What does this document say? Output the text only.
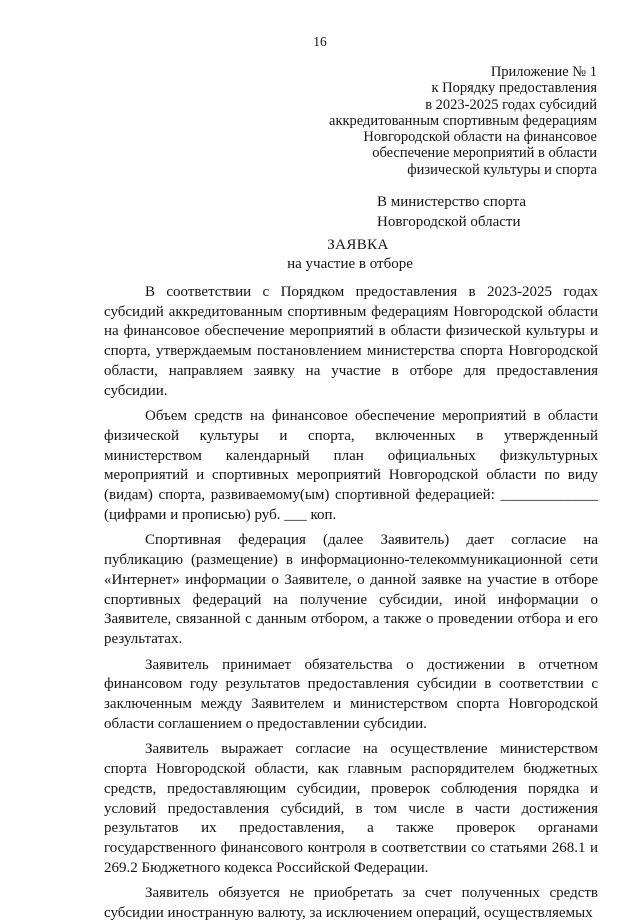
16
Приложение № 1
к Порядку предоставления
в 2023-2025 годах субсидий
аккредитованным спортивным федерациям
Новгородской области на финансовое
обеспечение мероприятий в области
физической культуры и спорта
В министерство спорта
Новгородской области
ЗАЯВКА
на участие в отборе

В соответствии с Порядком предоставления в 2023-2025 годах субсидий аккредитованным спортивным федерациям Новгородской области на финансовое обеспечение мероприятий в области физической культуры и спорта, утверждаемым постановлением министерства спорта Новгородской области, направляем заявку на участие в отборе для предоставления субсидии.

Объем средств на финансовое обеспечение мероприятий в области физической культуры и спорта, включенных в утвержденный министерством календарный план официальных физкультурных мероприятий и спортивных мероприятий Новгородской области по виду (видам) спорта, развиваемому(ым) спортивной федерацией: _____________ (цифрами и прописью) руб. ___ коп.

Спортивная федерация (далее Заявитель) дает согласие на публикацию (размещение) в информационно-телекоммуникационной сети «Интернет» информации о Заявителе, о данной заявке на участие в отборе спортивных федераций на получение субсидии, иной информации о Заявителе, связанной с данным отбором, а также о проведении отбора и его результатах.

Заявитель принимает обязательства о достижении в отчетном финансовом году результатов предоставления субсидии в соответствии с заключенным между Заявителем и министерством спорта Новгородской области соглашением о предоставлении субсидии.

Заявитель выражает согласие на осуществление министерством спорта Новгородской области, как главным распорядителем бюджетных средств, предоставляющим субсидии, проверок соблюдения порядка и условий предоставления субсидий, в том числе в части достижения результатов их предоставления, а также проверок органами государственного финансового контроля в соответствии со статьями 268.1 и 269.2 Бюджетного кодекса Российской Федерации.

Заявитель обязуется не приобретать за счет полученных средств субсидии иностранную валюту, за исключением операций, осуществляемых
